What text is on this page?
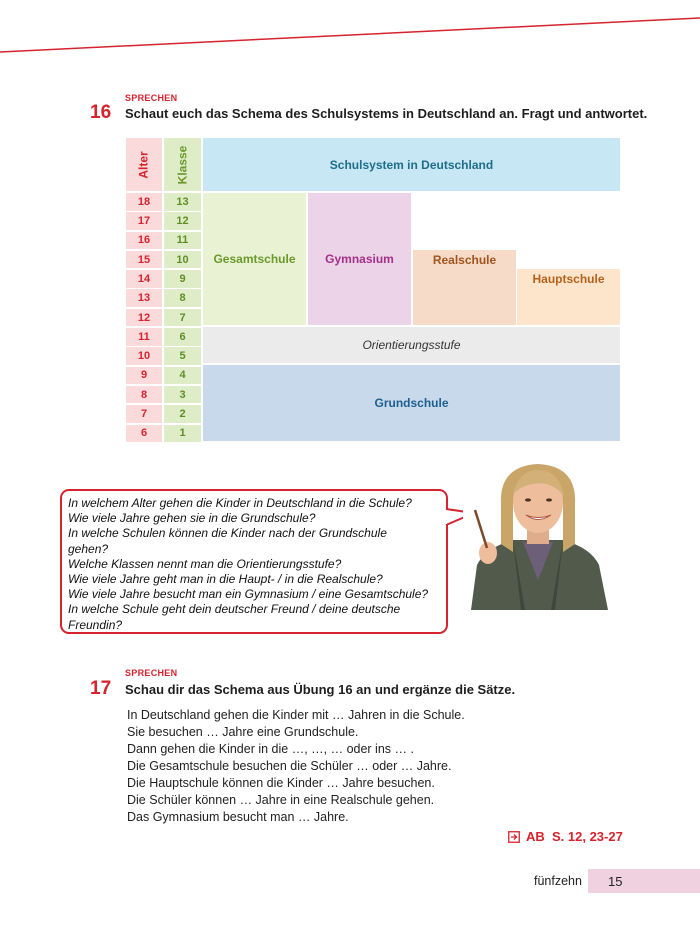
SPRECHEN
16 Schaut euch das Schema des Schulsystems in Deutschland an. Fragt und antwortet.
Alter Klasse	Schulsystem in Deutschland
18
17
16
15
14
13
12
11
10
9
8
7
6
13
12
11
10
9
8
7
6
5
4
3
2
1
Gesamtschule Gymnasium	Realschule
Hauptschule
Orientierungsstufe
Grundschule
In welchem Alter gehen die Kinder in Deutschland in die Schule?
Wie viele Jahre gehen sie in die Grundschule?
In welche Schulen können die Kinder nach der Grundschule
gehen?
Welche Klassen nennt man die Orientierungsstufe?
Wie viele Jahre geht man in die Haupt- / in die Realschule?
Wie viele Jahre besucht man ein Gymnasium / eine Gesamtschule?
In welche Schule geht dein deutscher Freund / deine deutsche
Freundin?
SPRECHEN
17 Schau dir das Schema aus Übung 16 an und ergänze die Sätze.
In Deutschland gehen die Kinder mit … Jahren in die Schule.
Sie besuchen … Jahre eine Grundschule.
Dann gehen die Kinder in die …, …, … oder ins … .
Die Gesamtschule besuchen die Schüler … oder … Jahre.
Die Hauptschule können die Kinder … Jahre besuchen.
Die Schüler können … Jahre in eine Realschule gehen.
Das Gymnasium besucht man … Jahre.
AB  S. 12, 23-27
fünfzehn 15
